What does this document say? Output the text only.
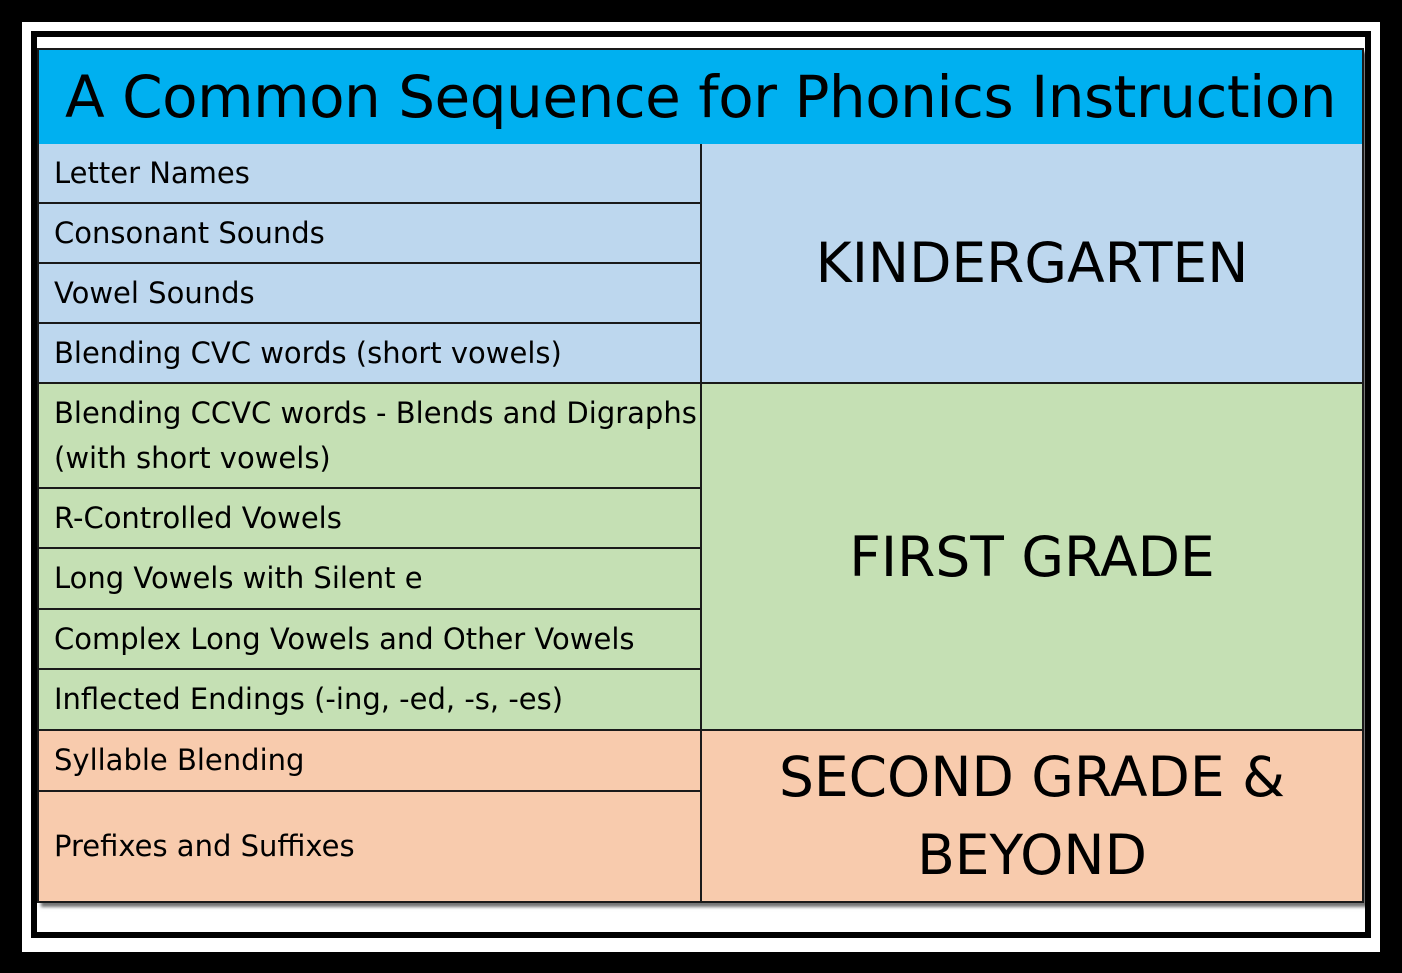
A Common Sequence for Phonics Instruction
Letter Names
Consonant Sounds
Vowel Sounds
Blending CVC words (short vowels)
Blending CCVC words - Blends and Digraphs (with short vowels)
R-Controlled Vowels
Long Vowels with Silent e
Complex Long Vowels and Other Vowels
Inflected Endings (-ing, -ed, -s, -es)
Syllable Blending
Prefixes and Suffixes
KINDERGARTEN
FIRST GRADE
SECOND GRADE & BEYOND
